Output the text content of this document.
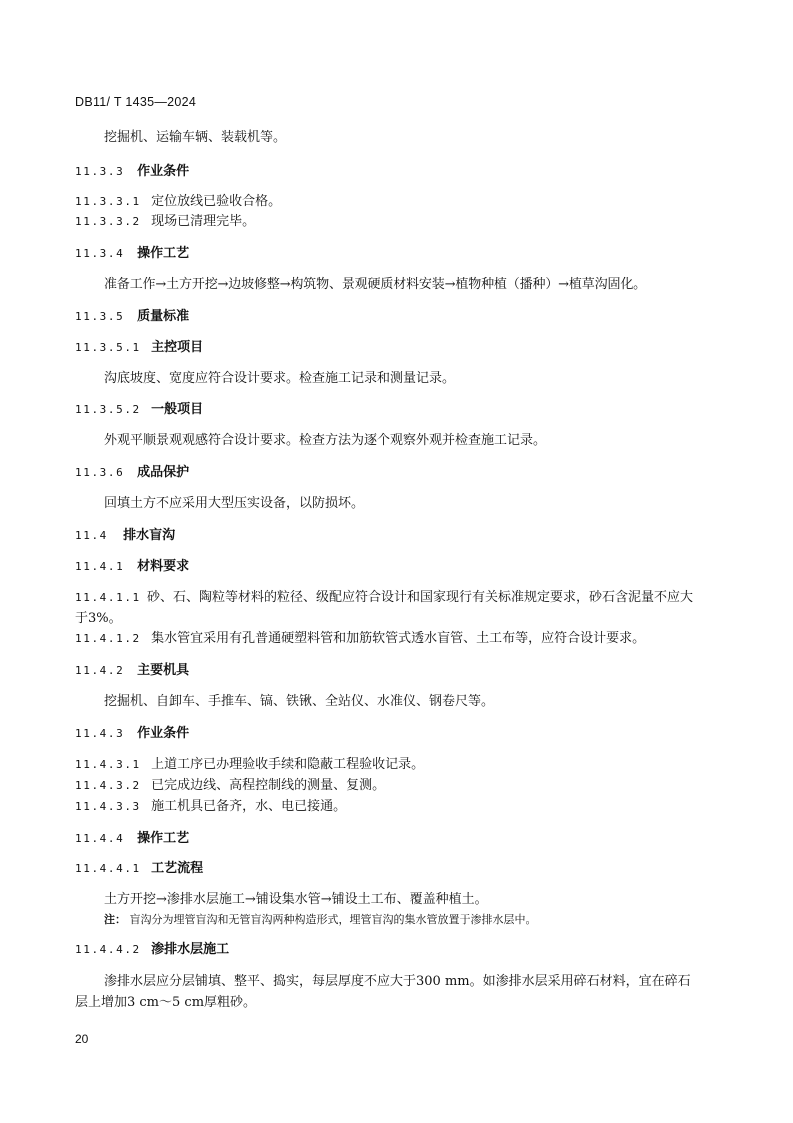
DB11/ T 1435—2024
挖掘机、运输车辆、装载机等。
11.3.3 作业条件
11.3.3.1 定位放线已验收合格。
11.3.3.2 现场已清理完毕。
11.3.4 操作工艺
准备工作→土方开挖→边坡修整→构筑物、景观硬质材料安装→植物种植（播种）→植草沟固化。
11.3.5 质量标准
11.3.5.1 主控项目
沟底坡度、宽度应符合设计要求。检查施工记录和测量记录。
11.3.5.2 一般项目
外观平顺景观观感符合设计要求。检查方法为逐个观察外观并检查施工记录。
11.3.6 成品保护
回填土方不应采用大型压实设备，以防损坏。
11.4 排水盲沟
11.4.1 材料要求
11.4.1.1 砂、石、陶粒等材料的粒径、级配应符合设计和国家现行有关标准规定要求，砂石含泥量不应大于3%。
11.4.1.2 集水管宜采用有孔普通硬塑料管和加筋软管式透水盲管、土工布等，应符合设计要求。
11.4.2 主要机具
挖掘机、自卸车、手推车、镐、铁锹、全站仪、水准仪、钢卷尺等。
11.4.3 作业条件
11.4.3.1 上道工序已办理验收手续和隐蔽工程验收记录。
11.4.3.2 已完成边线、高程控制线的测量、复测。
11.4.3.3 施工机具已备齐，水、电已接通。
11.4.4 操作工艺
11.4.4.1 工艺流程
土方开挖→渗排水层施工→铺设集水管→铺设土工布、覆盖种植土。
注： 盲沟分为埋管盲沟和无管盲沟两种构造形式，埋管盲沟的集水管放置于渗排水层中。
11.4.4.2 渗排水层施工
渗排水层应分层铺填、整平、捣实，每层厚度不应大于300 mm。如渗排水层采用碎石材料，宜在碎石层上增加3 cm～5 cm厚粗砂。
20
